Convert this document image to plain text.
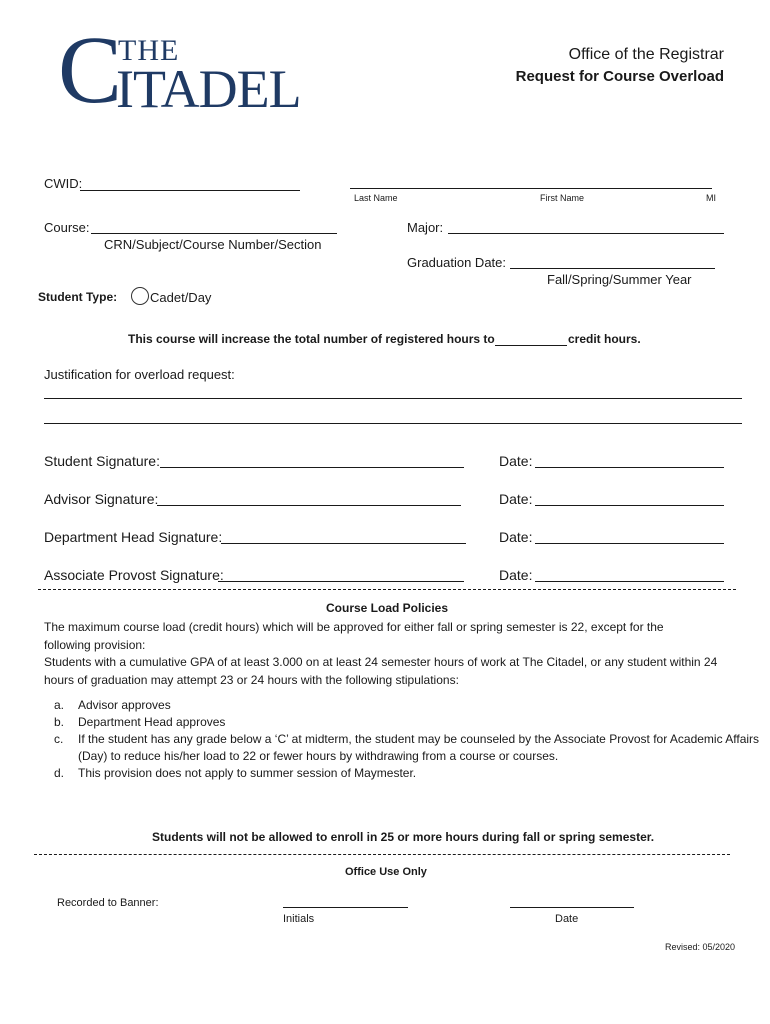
C
THE
ITADEL
Office of the Registrar
Request for Course Overload
CWID:
Last Name	First Name	MI
Course:
CRN/Subject/Course Number/Section
Major:
Graduation Date:
Fall/Spring/Summer Year
Student Type:	Cadet/Day
This course will increase the total number of registered hours to	credit hours.
Justification for overload request:
Student Signature:	Date:
Advisor Signature:	Date:
Department Head Signature:	Date:
Associate Provost Signature:	Date:
Course Load Policies
The maximum course load (credit hours) which will be approved for either fall or spring semester is 22, except for the following provision:
Students with a cumulative GPA of at least 3.000 on at least 24 semester hours of work at The Citadel, or any student within 24 hours of graduation may attempt 23 or 24 hours with the following stipulations:
a. Advisor approves
b. Department Head approves
c. If the student has any grade below a ‘C’ at midterm, the student may be counseled by the Associate Provost for Academic Affairs (Day) to reduce his/her load to 22 or fewer hours by withdrawing from a course or courses.
d. This provision does not apply to summer session of Maymester.
Students will not be allowed to enroll in 25 or more hours during fall or spring semester.
Office Use Only
Recorded to Banner:
Initials	Date
Revised: 05/2020
